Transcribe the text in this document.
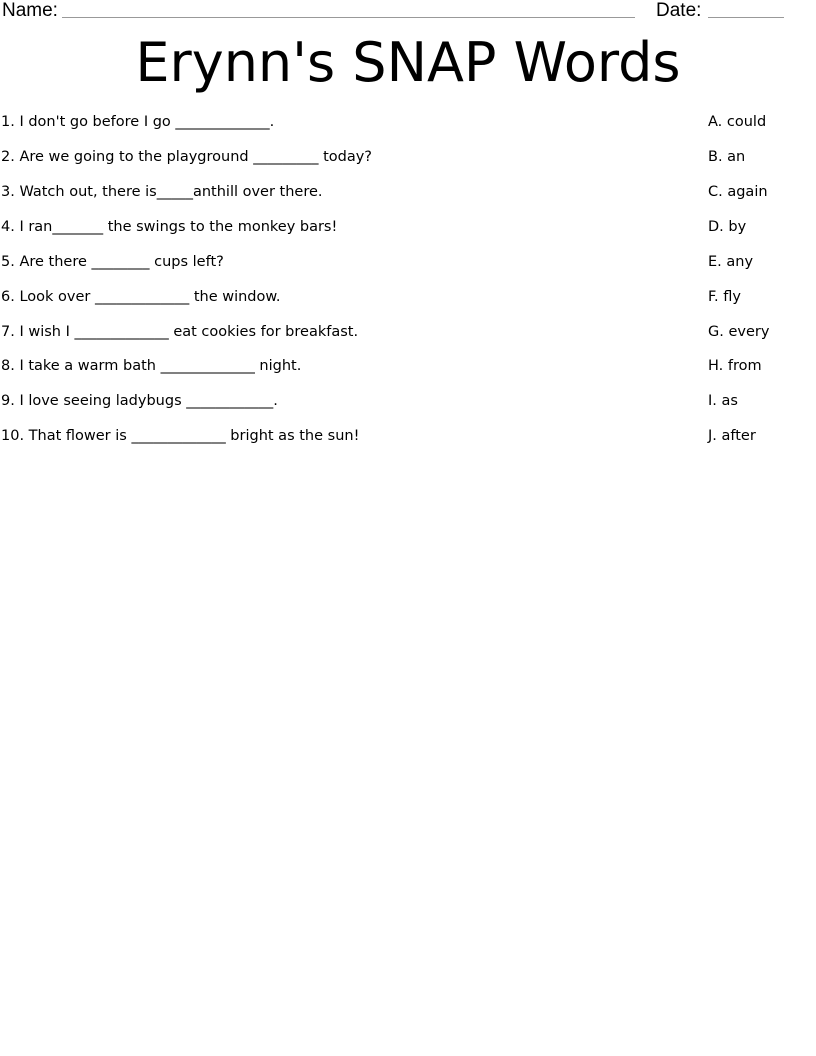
Name:	Date:
Erynn's SNAP Words
1. I don't go before I go _____________.
2. Are we going to the playground _________ today?
3. Watch out, there is_____anthill over there.
4. I ran_______ the swings to the monkey bars!
5. Are there ________ cups left?
6. Look over _____________ the window.
7. I wish I _____________ eat cookies for breakfast.
8. I take a warm bath _____________ night.
9. I love seeing ladybugs ____________.
10. That flower is _____________ bright as the sun!
A. could
B. an
C. again
D. by
E. any
F. fly
G. every
H. from
I. as
J. after
